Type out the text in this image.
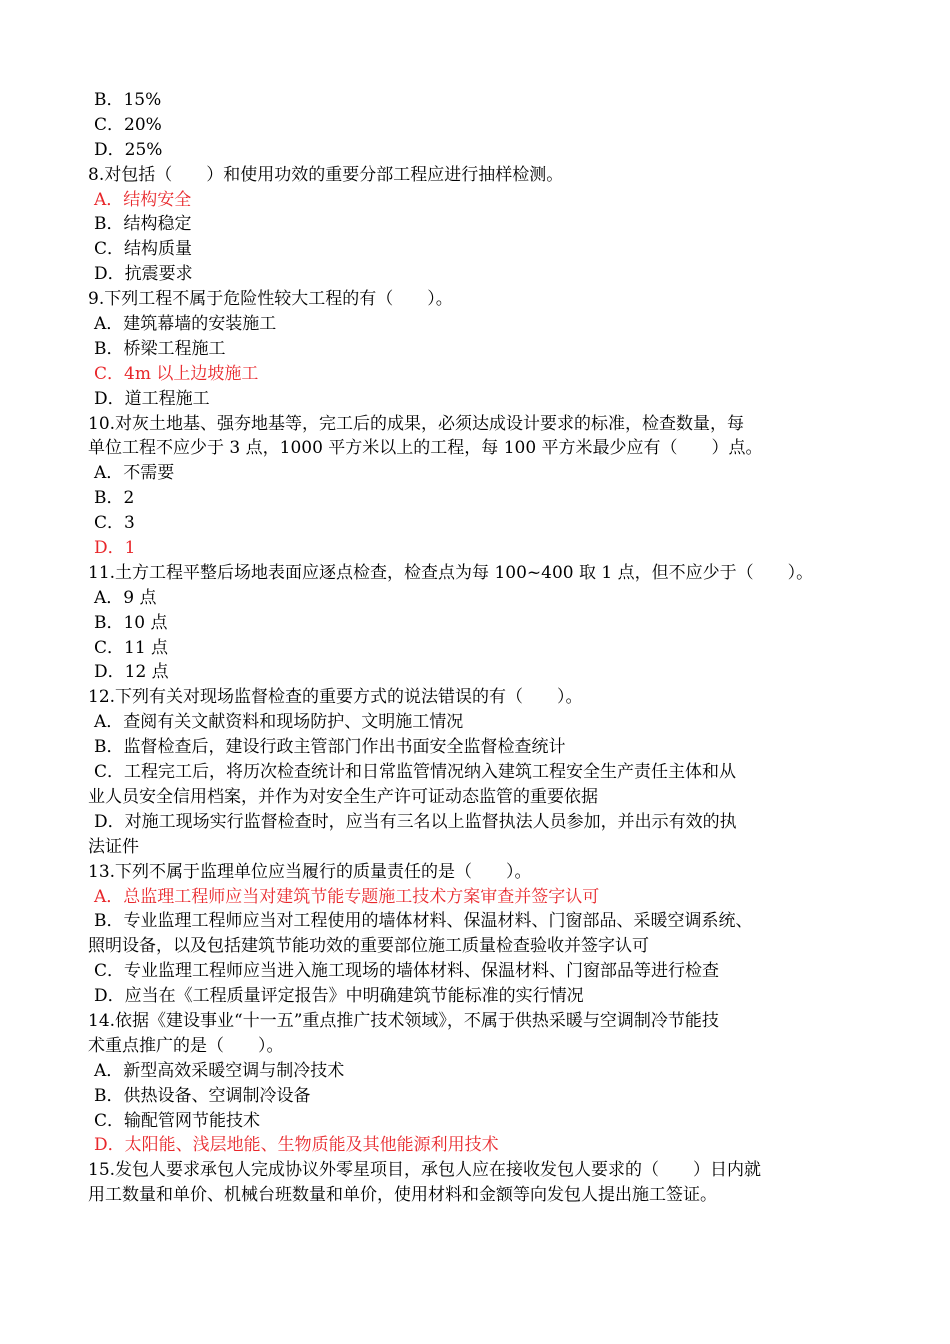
B．15%
C．20%
D．25%
8.对包括（　　）和使用功效的重要分部工程应进行抽样检测。
A．结构安全
B．结构稳定
C．结构质量
D．抗震要求
9.下列工程不属于危险性较大工程的有（　　）。
A．建筑幕墙的安装施工
B．桥梁工程施工
C．4m 以上边坡施工
D．道工程施工
10.对灰土地基、强夯地基等，完工后的成果，必须达成设计要求的标准，检查数量，每
单位工程不应少于 3 点，1000 平方米以上的工程，每 100 平方米最少应有（　　）点。
A．不需要
B．2
C．3
D．1
11.土方工程平整后场地表面应逐点检查，检查点为每 100~400 取 1 点，但不应少于（　　）。
A．9 点
B．10 点
C．11 点
D．12 点
12.下列有关对现场监督检查的重要方式的说法错误的有（　　）。
A．查阅有关文献资料和现场防护、文明施工情况
B．监督检查后，建设行政主管部门作出书面安全监督检查统计
C．工程完工后，将历次检查统计和日常监管情况纳入建筑工程安全生产责任主体和从
业人员安全信用档案，并作为对安全生产许可证动态监管的重要依据
D．对施工现场实行监督检查时，应当有三名以上监督执法人员参加，并出示有效的执
法证件
13.下列不属于监理单位应当履行的质量责任的是（　　）。
A．总监理工程师应当对建筑节能专题施工技术方案审查并签字认可
B．专业监理工程师应当对工程使用的墙体材料、保温材料、门窗部品、采暖空调系统、
照明设备，以及包括建筑节能功效的重要部位施工质量检查验收并签字认可
C．专业监理工程师应当进入施工现场的墙体材料、保温材料、门窗部品等进行检查
D．应当在《工程质量评定报告》中明确建筑节能标准的实行情况
14.依据《建设事业“十一五”重点推广技术领域》，不属于供热采暖与空调制冷节能技
术重点推广的是（　　）。
A．新型高效采暖空调与制冷技术
B．供热设备、空调制冷设备
C．输配管网节能技术
D．太阳能、浅层地能、生物质能及其他能源利用技术
15.发包人要求承包人完成协议外零星项目，承包人应在接收发包人要求的（　　）日内就
用工数量和单价、机械台班数量和单价，使用材料和金额等向发包人提出施工签证。
